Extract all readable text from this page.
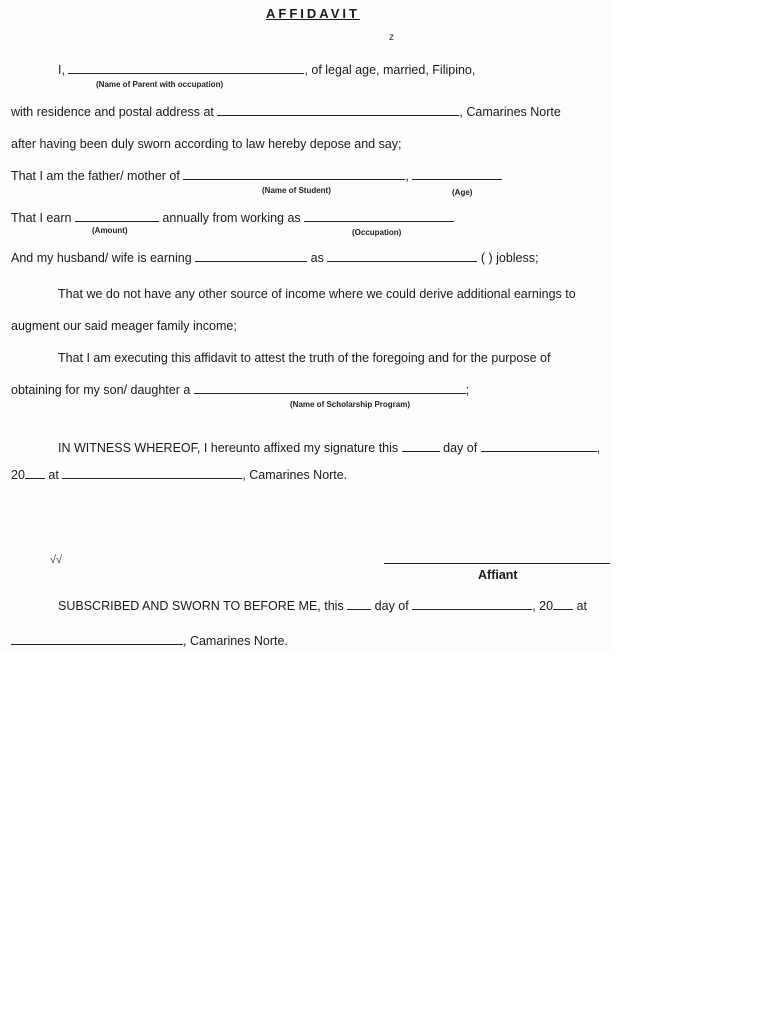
AFFIDAVIT
z
I,	, of legal age, married, Filipino,
(Name of Parent with occupation)
with residence and postal address at	, Camarines Norte
after having been duly sworn according to law hereby depose and say;
That I am the father/ mother of	,
(Name of Student)	(Age)
That I earn	annually from working as
(Amount)	(Occupation)
And my husband/ wife is earning	as	( ) jobless;
That we do not have any other source of income where we could derive additional earnings to
augment our said meager family income;
That I am executing this affidavit to attest the truth of the foregoing and for the purpose of
obtaining for my son/ daughter a	;
(Name of Scholarship Program)
IN WITNESS WHEREOF, I hereunto affixed my signature this	day of	,
20 at	, Camarines Norte.
√√
Affiant
SUBSCRIBED AND SWORN TO BEFORE ME, this day of	, 20 at
, Camarines Norte.
